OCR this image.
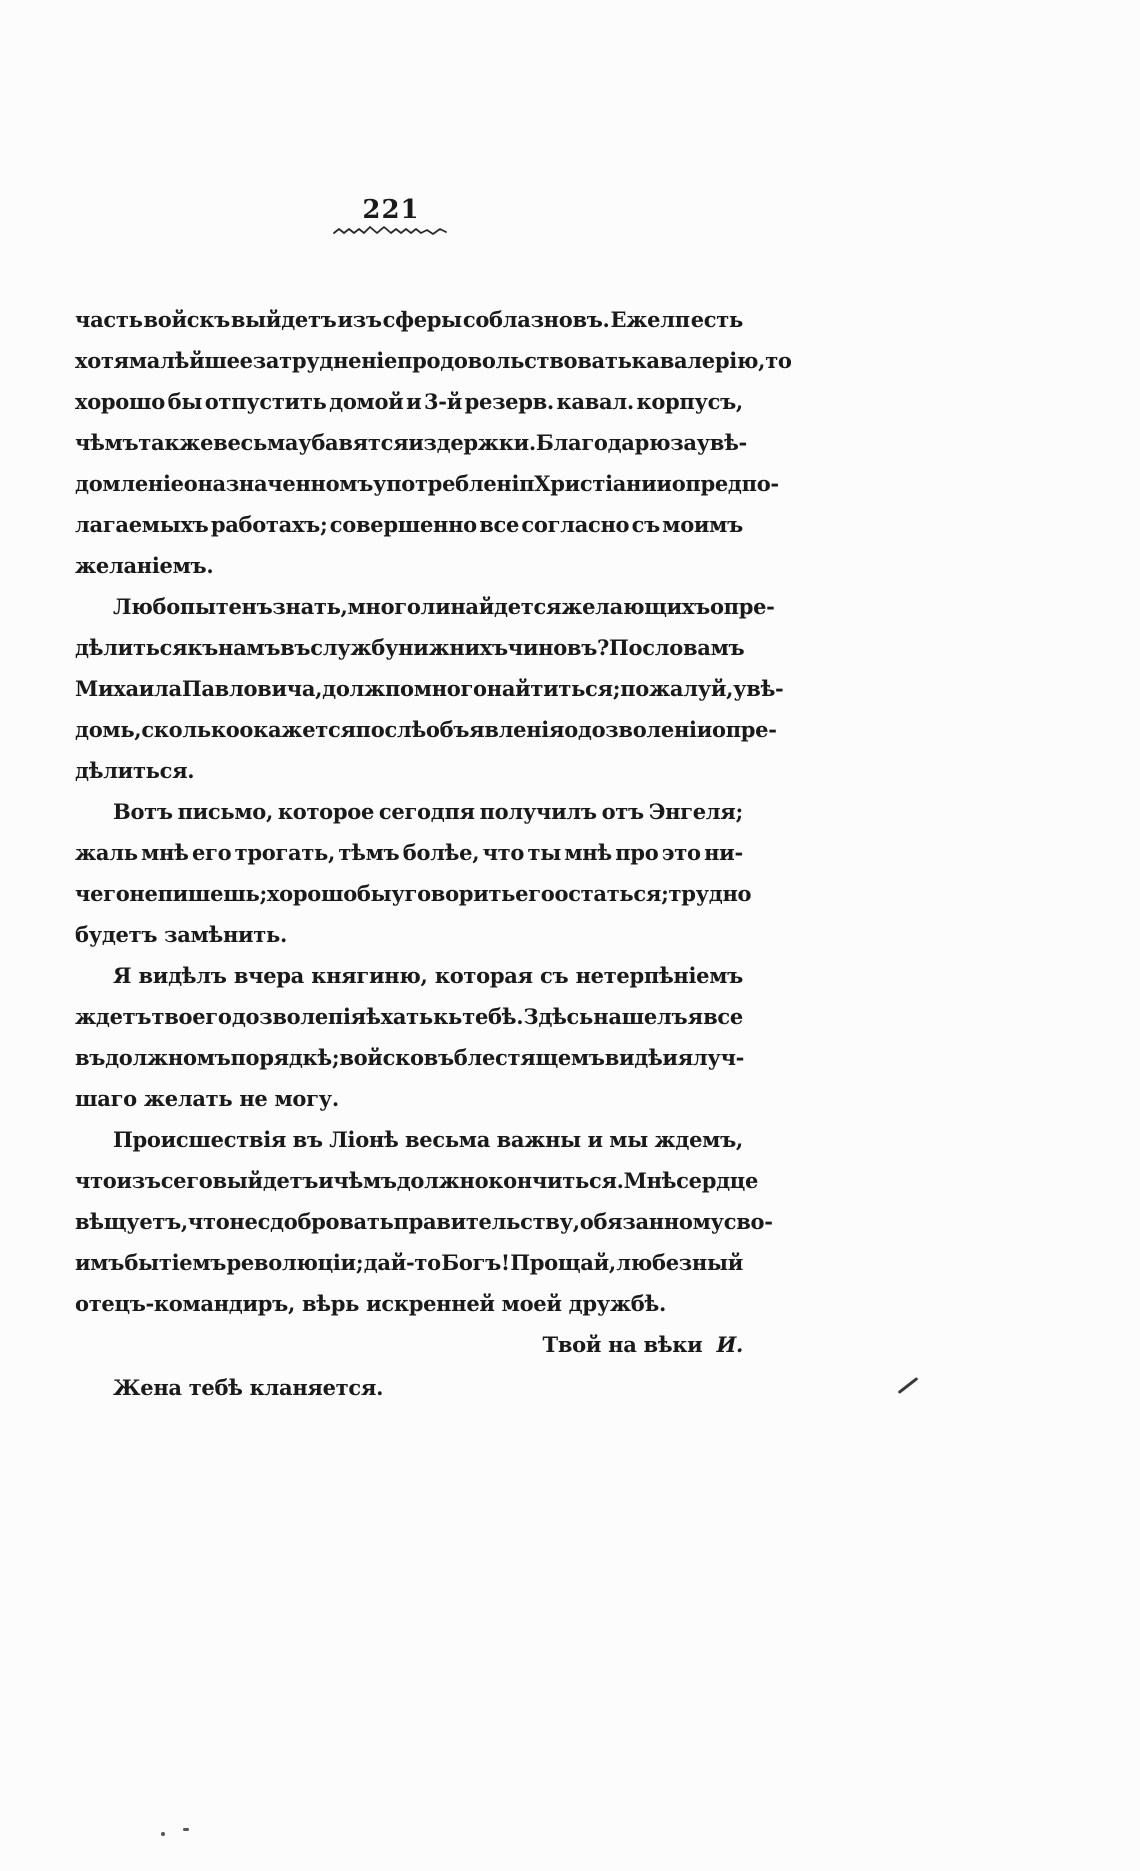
221
часть войскъ выйдетъ изъ сферы соблазновъ. Ежелп есть
хотя малѣйшее затрудненіе продовольствовать кавалерію, то
хорошо бы отпустить домой и 3-й резерв. кавал. корпусъ,
чѣмъ также весьма убавятся издержки. Благодарю за увѣ-
домленіе о назначенномъ употребленіп Христіани и о предпо-
лагаемыхъ работахъ; совершенно все согласно съ моимъ
желаніемъ.
Любопытенъ знать, много ли найдется желающихъ опре-
дѣлиться къ намъ въ службу нижнихъ чиновъ? По словамъ
Михаила Павловича, должпо много найтиться; пожалуй, увѣ-
домь, сколько окажется послѣ объявленія о дозволеніи опре-
дѣлиться.
Вотъ письмо, которое сегодпя получилъ отъ Энгеля;
жаль мнѣ его трогать, тѣмъ болѣе, что ты мнѣ про это ни-
чего не пишешь; хорошо бы уговорить его остаться; трудно
будетъ замѣнить.
Я видѣлъ вчера княгиню, которая съ нетерпѣніемъ
ждетъ твоего дозволепія ѣхать кь тебѣ. Здѣсь нашелъ я все
въ должномъ порядкѣ; войско въ блестящемъ видѣ и я луч-
шаго желать не могу.
Происшествія въ Ліонѣ весьма важны и мы ждемъ,
что изъ сего выйдетъ и чѣмъ должно кончиться. Мнѣ сердце
вѣщуетъ, что не сдобровать правительству, обязанному сво-
имъ бытіемъ революціи; дай-то Богъ! Прощай, любезный
отецъ-командиръ, вѣрь искренней моей дружбѣ.
Твой на вѣки И.
Жена тебѣ кланяется.
